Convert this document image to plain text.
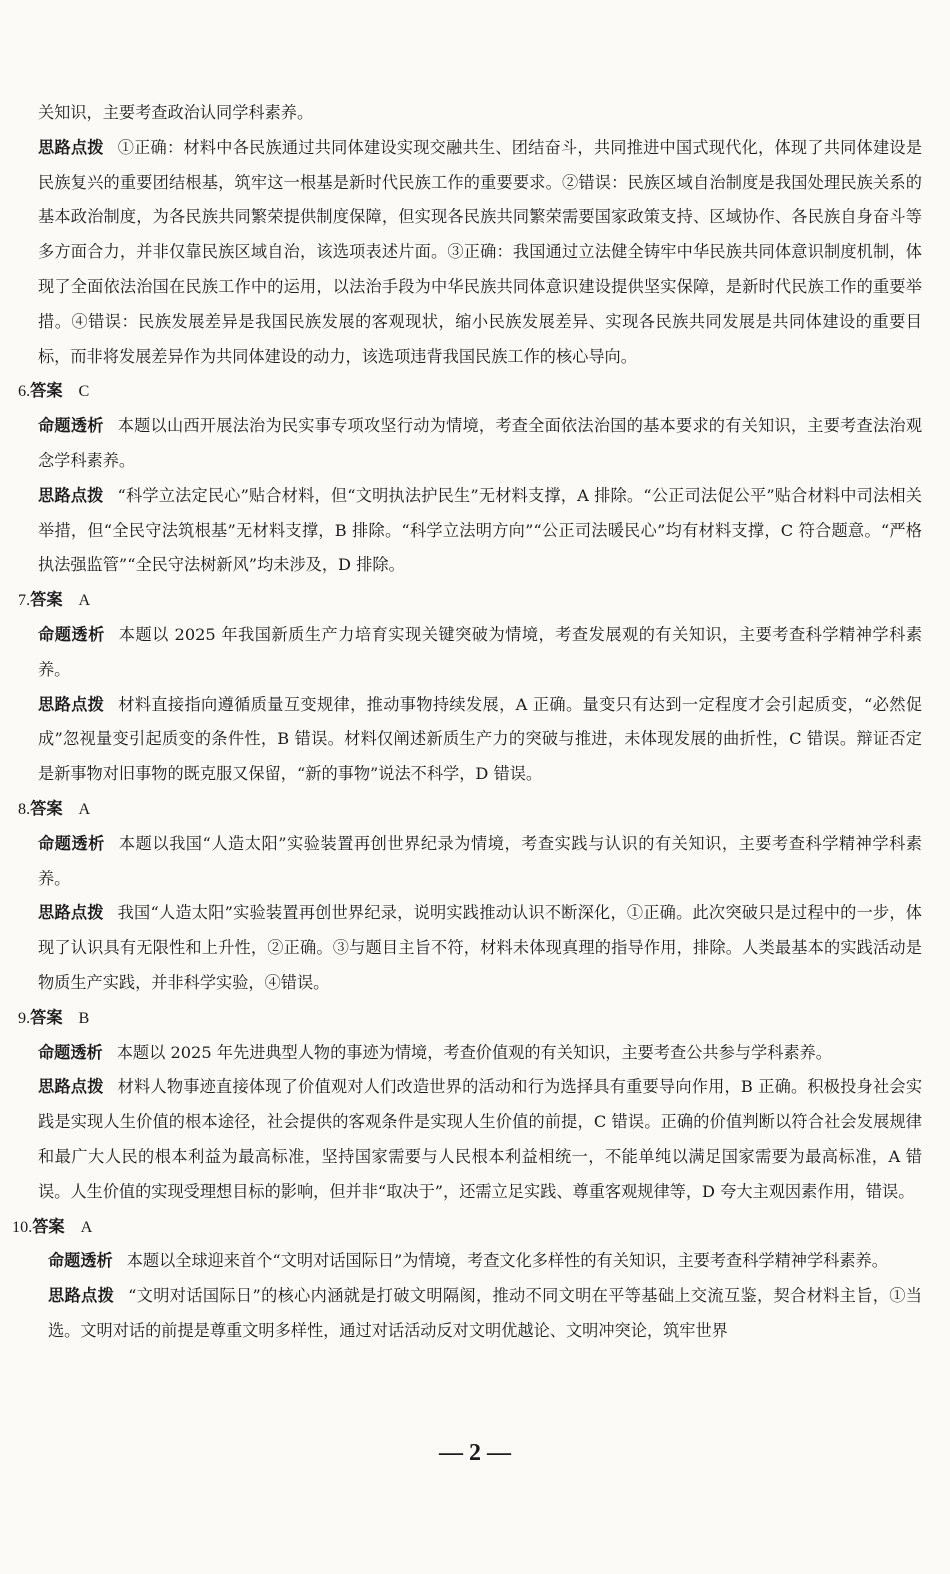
关知识，主要考查政治认同学科素养。

思路点拨 ①正确：材料中各民族通过共同体建设实现交融共生、团结奋斗，共同推进中国式现代化，体现了共同体建设是民族复兴的重要团结根基，筑牢这一根基是新时代民族工作的重要要求。②错误：民族区域自治制度是我国处理民族关系的基本政治制度，为各民族共同繁荣提供制度保障，但实现各民族共同繁荣需要国家政策支持、区域协作、各民族自身奋斗等多方面合力，并非仅靠民族区域自治，该选项表述片面。③正确：我国通过立法健全铸牢中华民族共同体意识制度机制，体现了全面依法治国在民族工作中的运用，以法治手段为中华民族共同体意识建设提供坚实保障，是新时代民族工作的重要举措。④错误：民族发展差异是我国民族发展的客观现状，缩小民族发展差异、实现各民族共同发展是共同体建设的重要目标，而非将发展差异作为共同体建设的动力，该选项违背我国民族工作的核心导向。

6.答案 C

命题透析 本题以山西开展法治为民实事专项攻坚行动为情境，考查全面依法治国的基本要求的有关知识，主要考查法治观念学科素养。

思路点拨 “科学立法定民心”贴合材料，但“文明执法护民生”无材料支撑，A 排除。“公正司法促公平”贴合材料中司法相关举措，但“全民守法筑根基”无材料支撑，B 排除。“科学立法明方向”“公正司法暖民心”均有材料支撑，C 符合题意。“严格执法强监管”“全民守法树新风”均未涉及，D 排除。

7.答案 A

命题透析 本题以 2025 年我国新质生产力培育实现关键突破为情境，考查发展观的有关知识，主要考查科学精神学科素养。

思路点拨 材料直接指向遵循质量互变规律，推动事物持续发展，A 正确。量变只有达到一定程度才会引起质变，“必然促成”忽视量变引起质变的条件性，B 错误。材料仅阐述新质生产力的突破与推进，未体现发展的曲折性，C 错误。辩证否定是新事物对旧事物的既克服又保留，“新的事物”说法不科学，D 错误。

8.答案 A

命题透析 本题以我国“人造太阳”实验装置再创世界纪录为情境，考查实践与认识的有关知识，主要考查科学精神学科素养。

思路点拨 我国“人造太阳”实验装置再创世界纪录，说明实践推动认识不断深化，①正确。此次突破只是过程中的一步，体现了认识具有无限性和上升性，②正确。③与题目主旨不符，材料未体现真理的指导作用，排除。人类最基本的实践活动是物质生产实践，并非科学实验，④错误。

9.答案 B

命题透析 本题以 2025 年先进典型人物的事迹为情境，考查价值观的有关知识，主要考查公共参与学科素养。

思路点拨 材料人物事迹直接体现了价值观对人们改造世界的活动和行为选择具有重要导向作用，B 正确。积极投身社会实践是实现人生价值的根本途径，社会提供的客观条件是实现人生价值的前提，C 错误。正确的价值判断以符合社会发展规律和最广大人民的根本利益为最高标准，坚持国家需要与人民根本利益相统一，不能单纯以满足国家需要为最高标准，A 错误。人生价值的实现受理想目标的影响，但并非“取决于”，还需立足实践、尊重客观规律等，D 夸大主观因素作用，错误。

10.答案 A

命题透析 本题以全球迎来首个“文明对话国际日”为情境，考查文化多样性的有关知识，主要考查科学精神学科素养。

思路点拨 “文明对话国际日”的核心内涵就是打破文明隔阂，推动不同文明在平等基础上交流互鉴，契合材料主旨，①当选。文明对话的前提是尊重文明多样性，通过对话活动反对文明优越论、文明冲突论，筑牢世界

— 2 —
